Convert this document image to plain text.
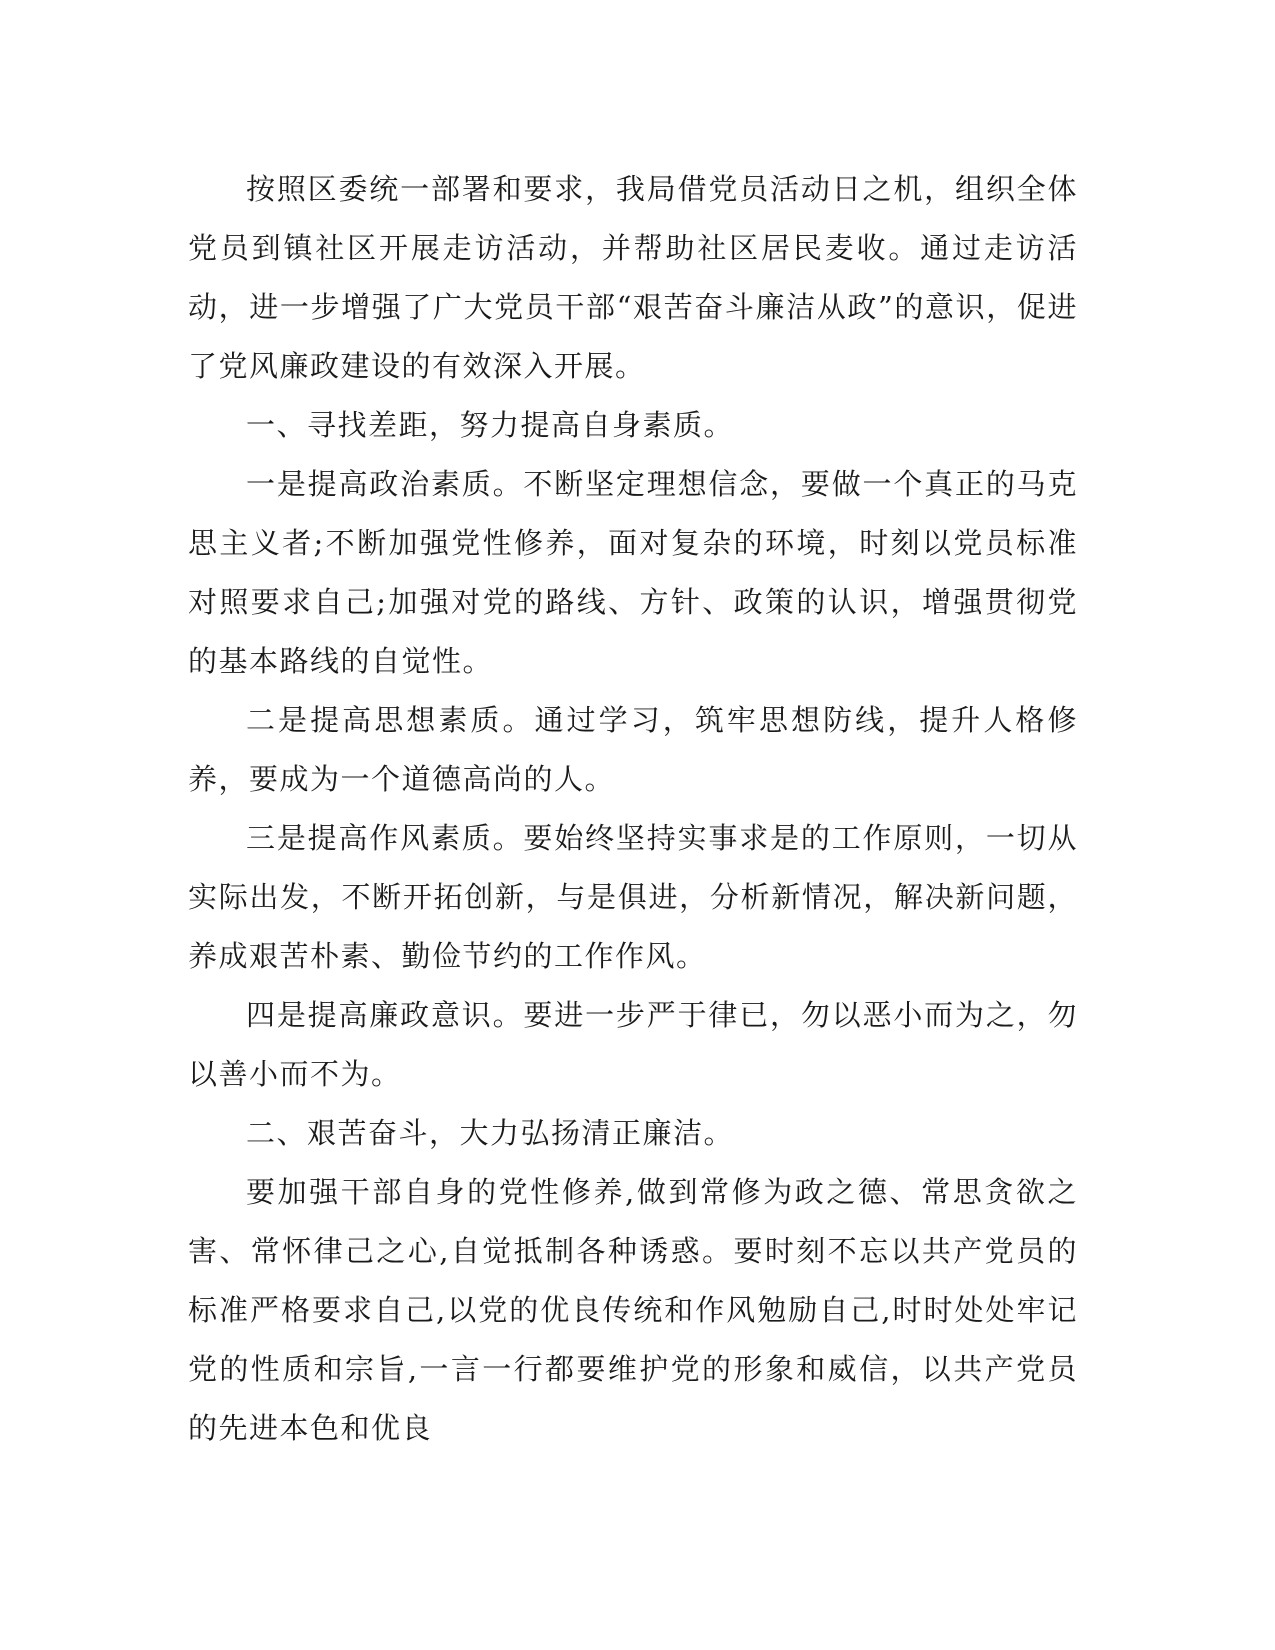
按照区委统一部署和要求，我局借党员活动日之机，组织全体党员到镇社区开展走访活动，并帮助社区居民麦收。通过走访活动，进一步增强了广大党员干部“艰苦奋斗廉洁从政”的意识，促进了党风廉政建设的有效深入开展。

一、寻找差距，努力提高自身素质。

一是提高政治素质。不断坚定理想信念，要做一个真正的马克思主义者;不断加强党性修养，面对复杂的环境，时刻以党员标准对照要求自己;加强对党的路线、方针、政策的认识，增强贯彻党的基本路线的自觉性。

二是提高思想素质。通过学习，筑牢思想防线，提升人格修养，要成为一个道德高尚的人。

三是提高作风素质。要始终坚持实事求是的工作原则，一切从实际出发，不断开拓创新，与是俱进，分析新情况，解决新问题，养成艰苦朴素、勤俭节约的工作作风。

四是提高廉政意识。要进一步严于律已，勿以恶小而为之，勿以善小而不为。

二、艰苦奋斗，大力弘扬清正廉洁。

要加强干部自身的党性修养,做到常修为政之德、常思贪欲之害、常怀律己之心,自觉抵制各种诱惑。要时刻不忘以共产党员的标准严格要求自己,以党的优良传统和作风勉励自己,时时处处牢记党的性质和宗旨,一言一行都要维护党的形象和威信，以共产党员的先进本色和优良
